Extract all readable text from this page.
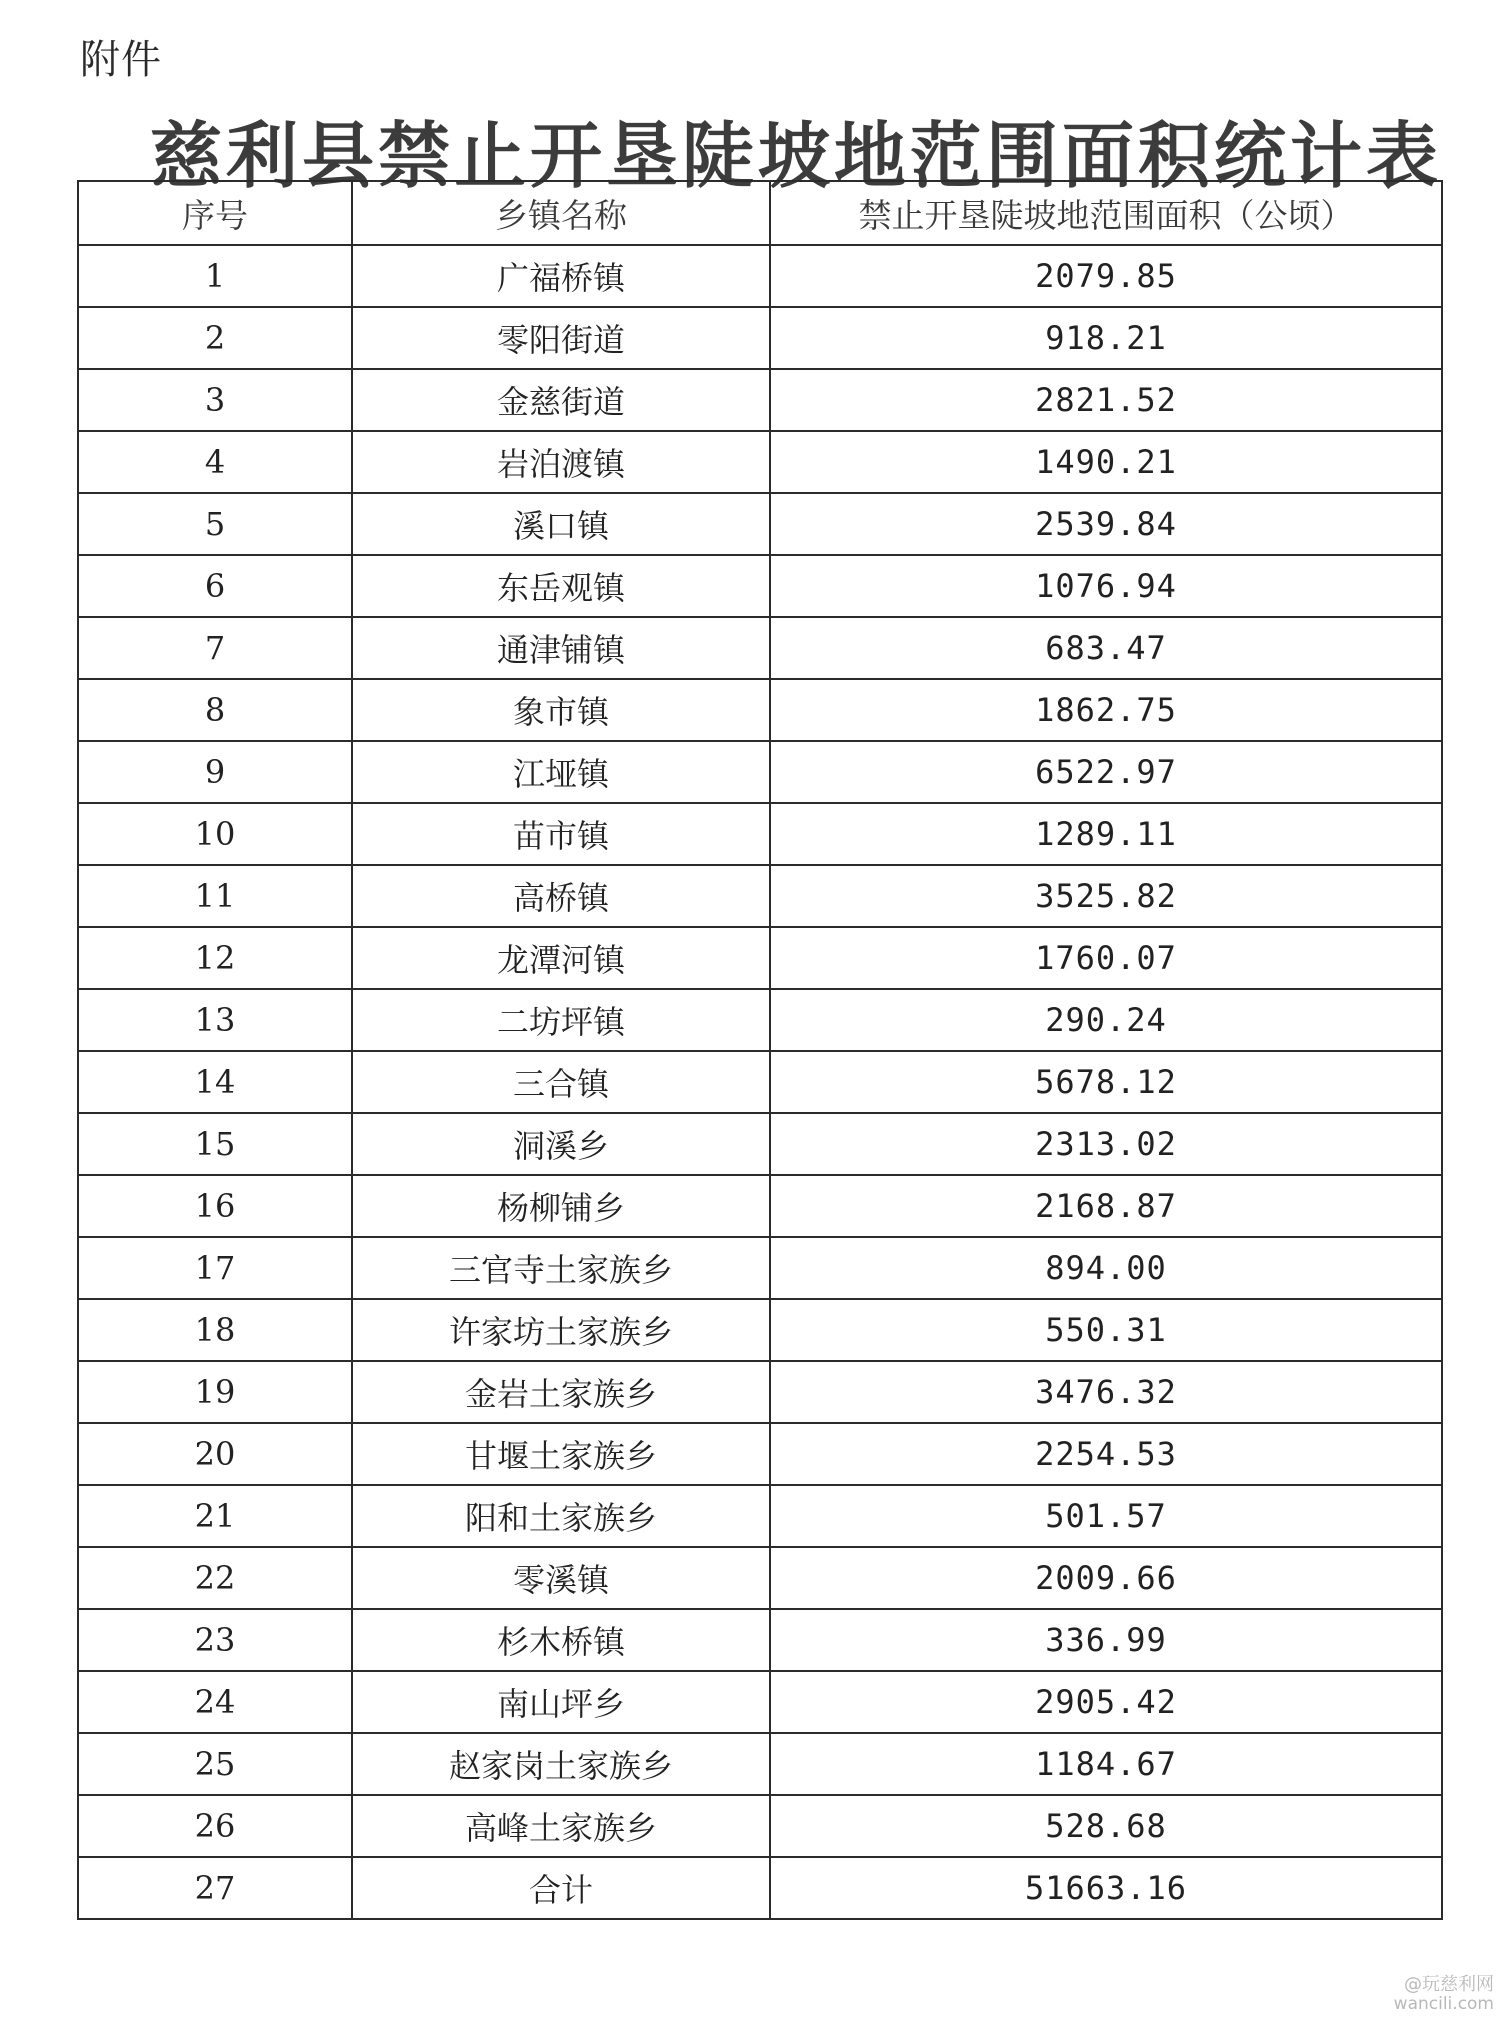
附件
慈利县禁止开垦陡坡地范围面积统计表
序号	乡镇名称	禁止开垦陡坡地范围面积（公顷）
1	广福桥镇	2079.85
2	零阳街道	918.21
3	金慈街道	2821.52
4	岩泊渡镇	1490.21
5	溪口镇	2539.84
6	东岳观镇	1076.94
7	通津铺镇	683.47
8	象市镇	1862.75
9	江垭镇	6522.97
10	苗市镇	1289.11
11	高桥镇	3525.82
12	龙潭河镇	1760.07
13	二坊坪镇	290.24
14	三合镇	5678.12
15	洞溪乡	2313.02
16	杨柳铺乡	2168.87
17	三官寺土家族乡	894.00
18	许家坊土家族乡	550.31
19	金岩土家族乡	3476.32
20	甘堰土家族乡	2254.53
21	阳和土家族乡	501.57
22	零溪镇	2009.66
23	杉木桥镇	336.99
24	南山坪乡	2905.42
25	赵家岗土家族乡	1184.67
26	高峰土家族乡	528.68
27	合计	51663.16
@玩慈利网
wancili.com
